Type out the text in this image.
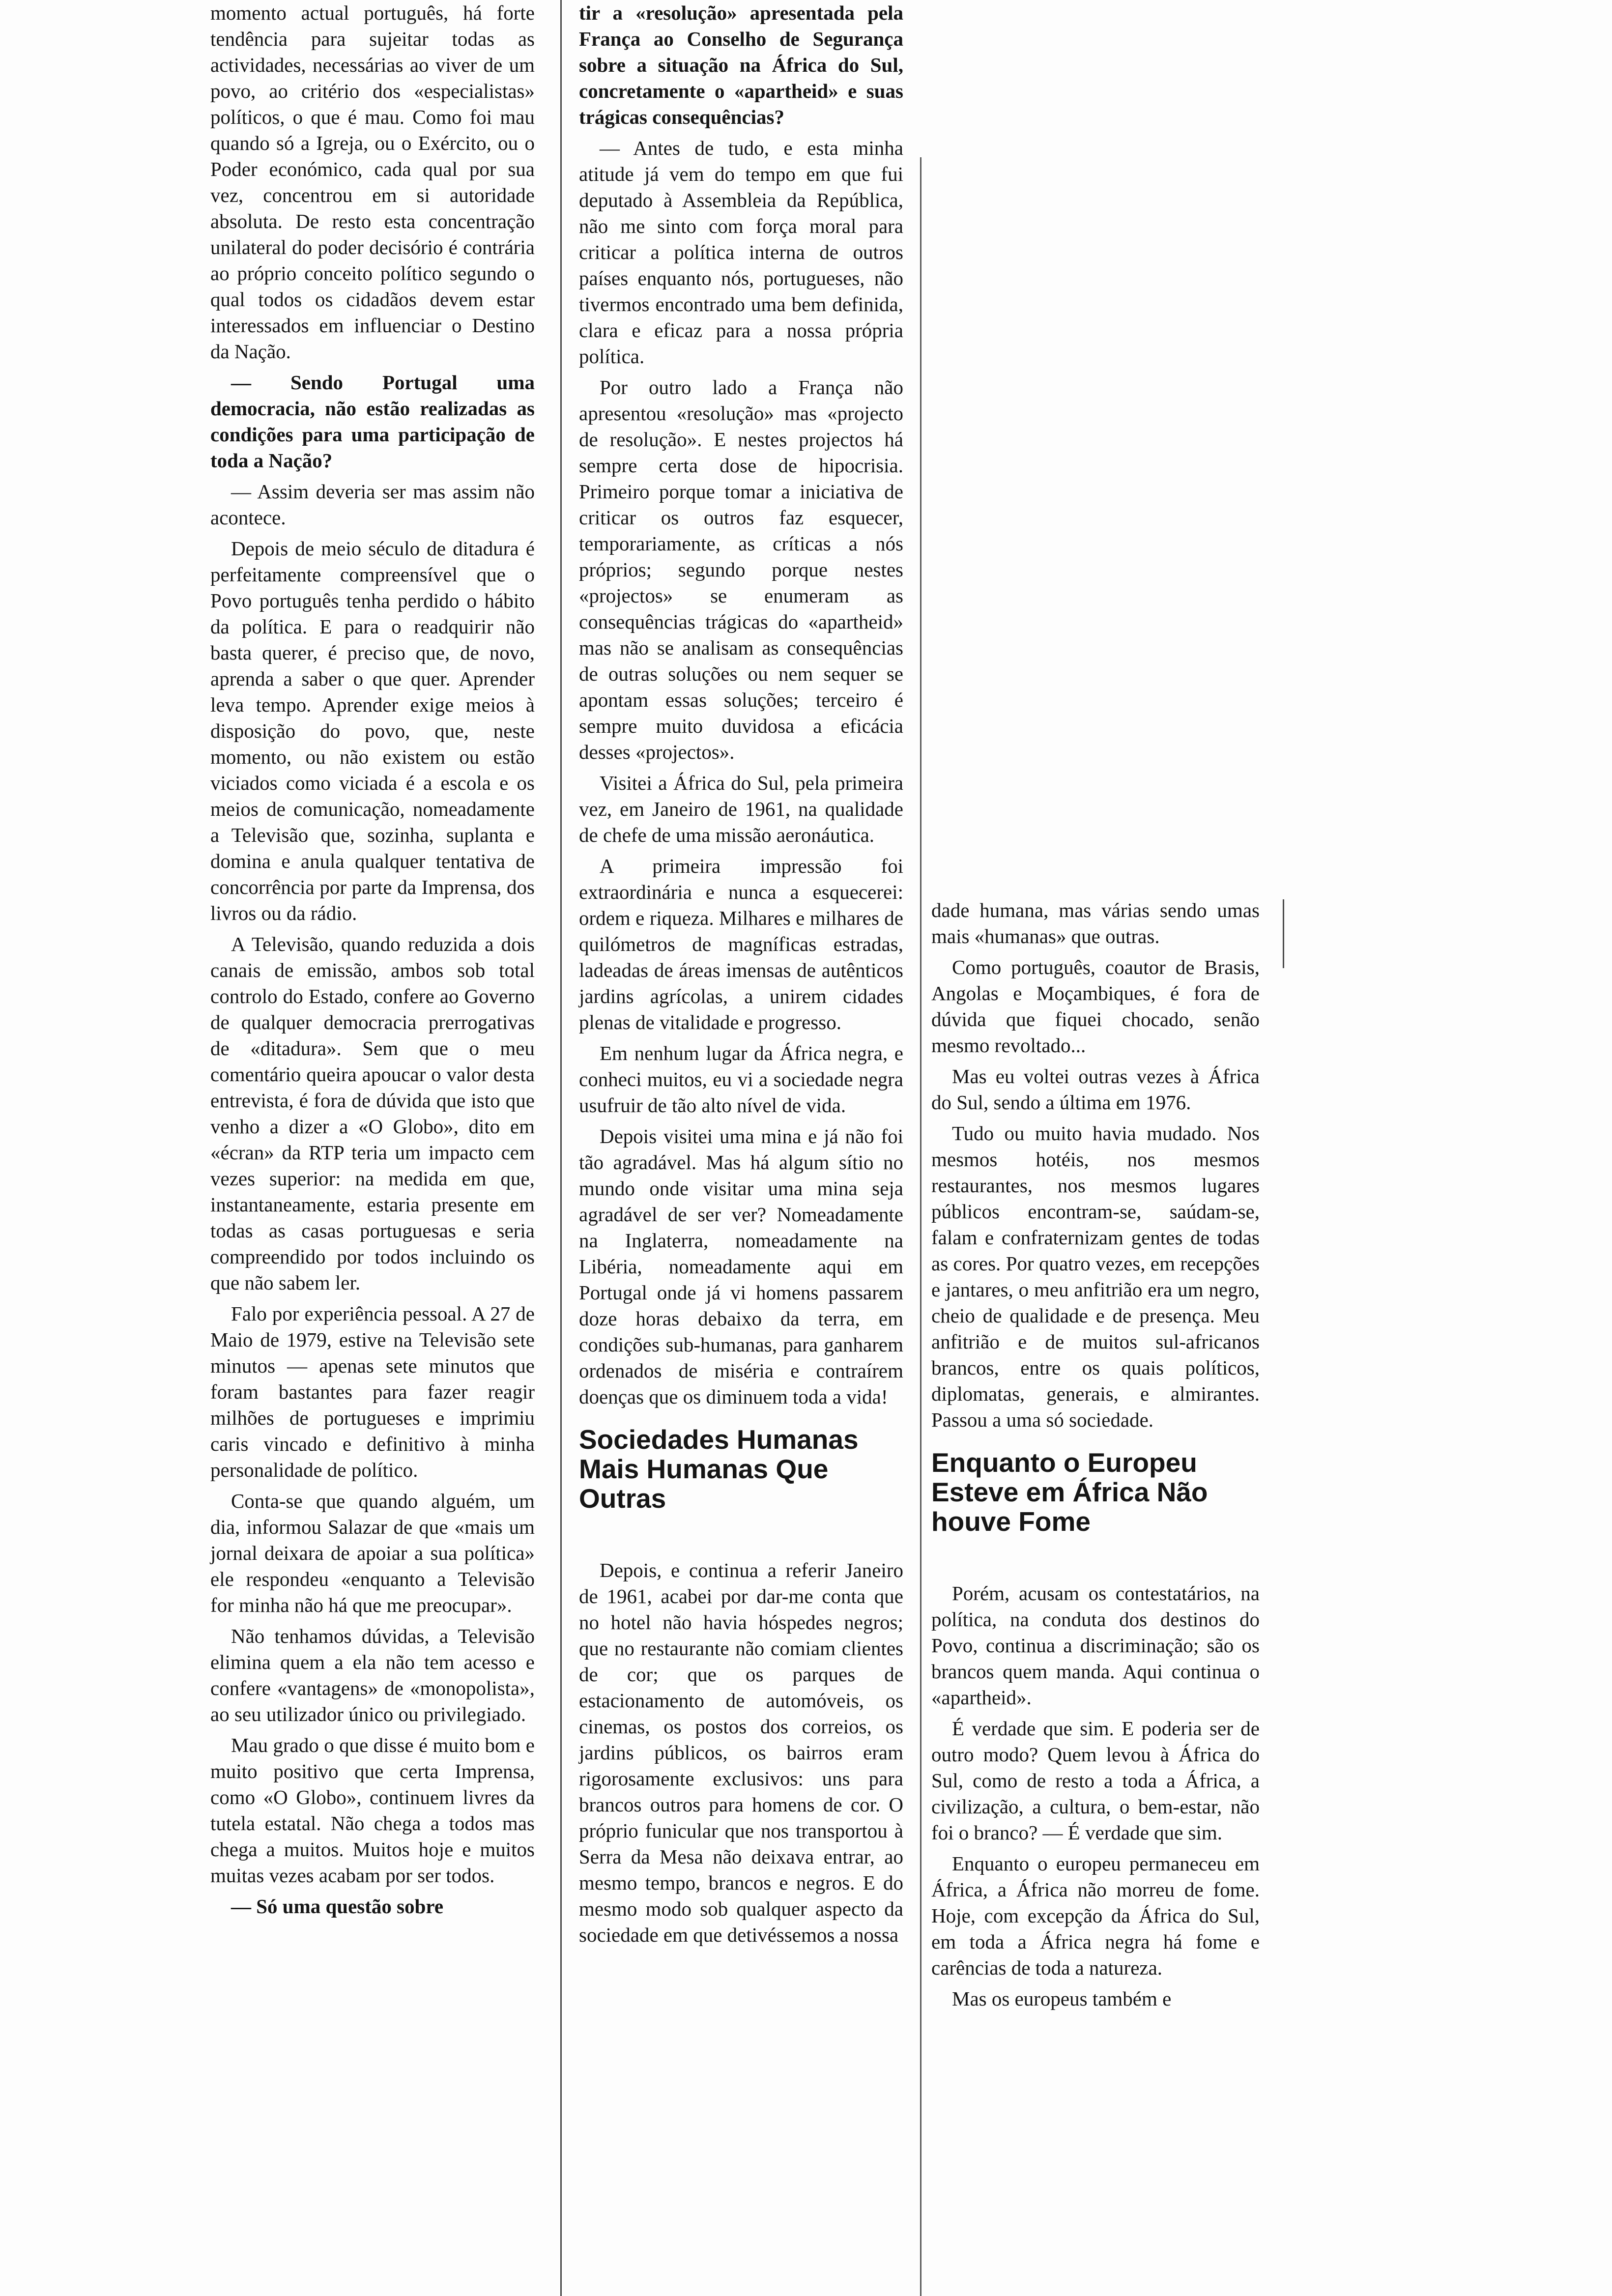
momento actual português, há forte tendência para sujeitar todas as actividades, necessárias ao viver de um povo, ao critério dos «especialistas» políticos, o que é mau. Como foi mau quando só a Igreja, ou o Exército, ou o Poder económico, cada qual por sua vez, concentrou em si autoridade absoluta. De resto esta concentração unilateral do poder decisório é contrária ao próprio conceito político segundo o qual todos os cidadãos devem estar interessados em influenciar o Destino da Nação.

— Sendo Portugal uma democracia, não estão realizadas as condições para uma participação de toda a Nação?

— Assim deveria ser mas assim não acontece.

Depois de meio século de ditadura é perfeitamente compreensível que o Povo português tenha perdido o hábito da política. E para o readquirir não basta querer, é preciso que, de novo, aprenda a saber o que quer. Aprender leva tempo. Aprender exige meios à disposição do povo, que, neste momento, ou não existem ou estão viciados como viciada é a escola e os meios de comunicação, nomeadamente a Televisão que, sozinha, suplanta e domina e anula qualquer tentativa de concorrência por parte da Imprensa, dos livros ou da rádio.

A Televisão, quando reduzida a dois canais de emissão, ambos sob total controlo do Estado, confere ao Governo de qualquer democracia prerrogativas de «ditadura». Sem que o meu comentário queira apoucar o valor desta entrevista, é fora de dúvida que isto que venho a dizer a «O Globo», dito em «écran» da RTP teria um impacto cem vezes superior: na medida em que, instantaneamente, estaria presente em todas as casas portuguesas e seria compreendido por todos incluindo os que não sabem ler.

Falo por experiência pessoal. A 27 de Maio de 1979, estive na Televisão sete minutos — apenas sete minutos que foram bastantes para fazer reagir milhões de portugueses e imprimiu caris vincado e definitivo à minha personalidade de político.

Conta-se que quando alguém, um dia, informou Salazar de que «mais um jornal deixara de apoiar a sua política» ele respondeu «enquanto a Televisão for minha não há que me preocupar».

Não tenhamos dúvidas, a Televisão elimina quem a ela não tem acesso e confere «vantagens» de «monopolista», ao seu utilizador único ou privilegiado.

Mau grado o que disse é muito bom e muito positivo que certa Imprensa, como «O Globo», continuem livres da tutela estatal. Não chega a todos mas chega a muitos. Muitos hoje e muitos muitas vezes acabam por ser todos.

— Só uma questão sobre

tir a «resolução» apresentada pela França ao Conselho de Segurança sobre a situação na África do Sul, concretamente o «apartheid» e suas trágicas consequências?

— Antes de tudo, e esta minha atitude já vem do tempo em que fui deputado à Assembleia da República, não me sinto com força moral para criticar a política interna de outros países enquanto nós, portugueses, não tivermos encontrado uma bem definida, clara e eficaz para a nossa própria política.

Por outro lado a França não apresentou «resolução» mas «projecto de resolução». E nestes projectos há sempre certa dose de hipocrisia. Primeiro porque tomar a iniciativa de criticar os outros faz esquecer, temporariamente, as críticas a nós próprios; segundo porque nestes «projectos» se enumeram as consequências trágicas do «apartheid» mas não se analisam as consequências de outras soluções ou nem sequer se apontam essas soluções; terceiro é sempre muito duvidosa a eficácia desses «projectos».

Visitei a África do Sul, pela primeira vez, em Janeiro de 1961, na qualidade de chefe de uma missão aeronáutica.

A primeira impressão foi extraordinária e nunca a esquecerei: ordem e riqueza. Milhares e milhares de quilómetros de magníficas estradas, ladeadas de áreas imensas de autênticos jardins agrícolas, a unirem cidades plenas de vitalidade e progresso.

Em nenhum lugar da África negra, e conheci muitos, eu vi a sociedade negra usufruir de tão alto nível de vida.

Depois visitei uma mina e já não foi tão agradável. Mas há algum sítio no mundo onde visitar uma mina seja agradável de ser ver? Nomeadamente na Inglaterra, nomeadamente na Libéria, nomeadamente aqui em Portugal onde já vi homens passarem doze horas debaixo da terra, em condições sub-humanas, para ganharem ordenados de miséria e contraírem doenças que os diminuem toda a vida!

Sociedades Humanas Mais Humanas Que Outras

Depois, e continua a referir Janeiro de 1961, acabei por dar-me conta que no hotel não havia hóspedes negros; que no restaurante não comiam clientes de cor; que os parques de estacionamento de automóveis, os cinemas, os postos dos correios, os jardins públicos, os bairros eram rigorosamente exclusivos: uns para brancos outros para homens de cor. O próprio funicular que nos transportou à Serra da Mesa não deixava entrar, ao mesmo tempo, brancos e negros. E do mesmo modo sob qualquer aspecto da sociedade em que detivéssemos a nossa

dade humana, mas várias sendo umas mais «humanas» que outras.

Como português, coautor de Brasis, Angolas e Moçambiques, é fora de dúvida que fiquei chocado, senão mesmo revoltado...

Mas eu voltei outras vezes à África do Sul, sendo a última em 1976.

Tudo ou muito havia mudado. Nos mesmos hotéis, nos mesmos restaurantes, nos mesmos lugares públicos encontram-se, saúdam-se, falam e confraternizam gentes de todas as cores. Por quatro vezes, em recepções e jantares, o meu anfitrião era um negro, cheio de qualidade e de presença. Meu anfitrião e de muitos sul-africanos brancos, entre os quais políticos, diplomatas, generais, e almirantes. Passou a uma só sociedade.

Enquanto o Europeu Esteve em África Não houve Fome

Porém, acusam os contestatários, na política, na conduta dos destinos do Povo, continua a discriminação; são os brancos quem manda. Aqui continua o «apartheid».

É verdade que sim. E poderia ser de outro modo? Quem levou à África do Sul, como de resto a toda a África, a civilização, a cultura, o bem-estar, não foi o branco? — É verdade que sim.

Enquanto o europeu permaneceu em África, a África não morreu de fome. Hoje, com excepção da África do Sul, em toda a África negra há fome e carências de toda a natureza.

Mas os europeus também e
